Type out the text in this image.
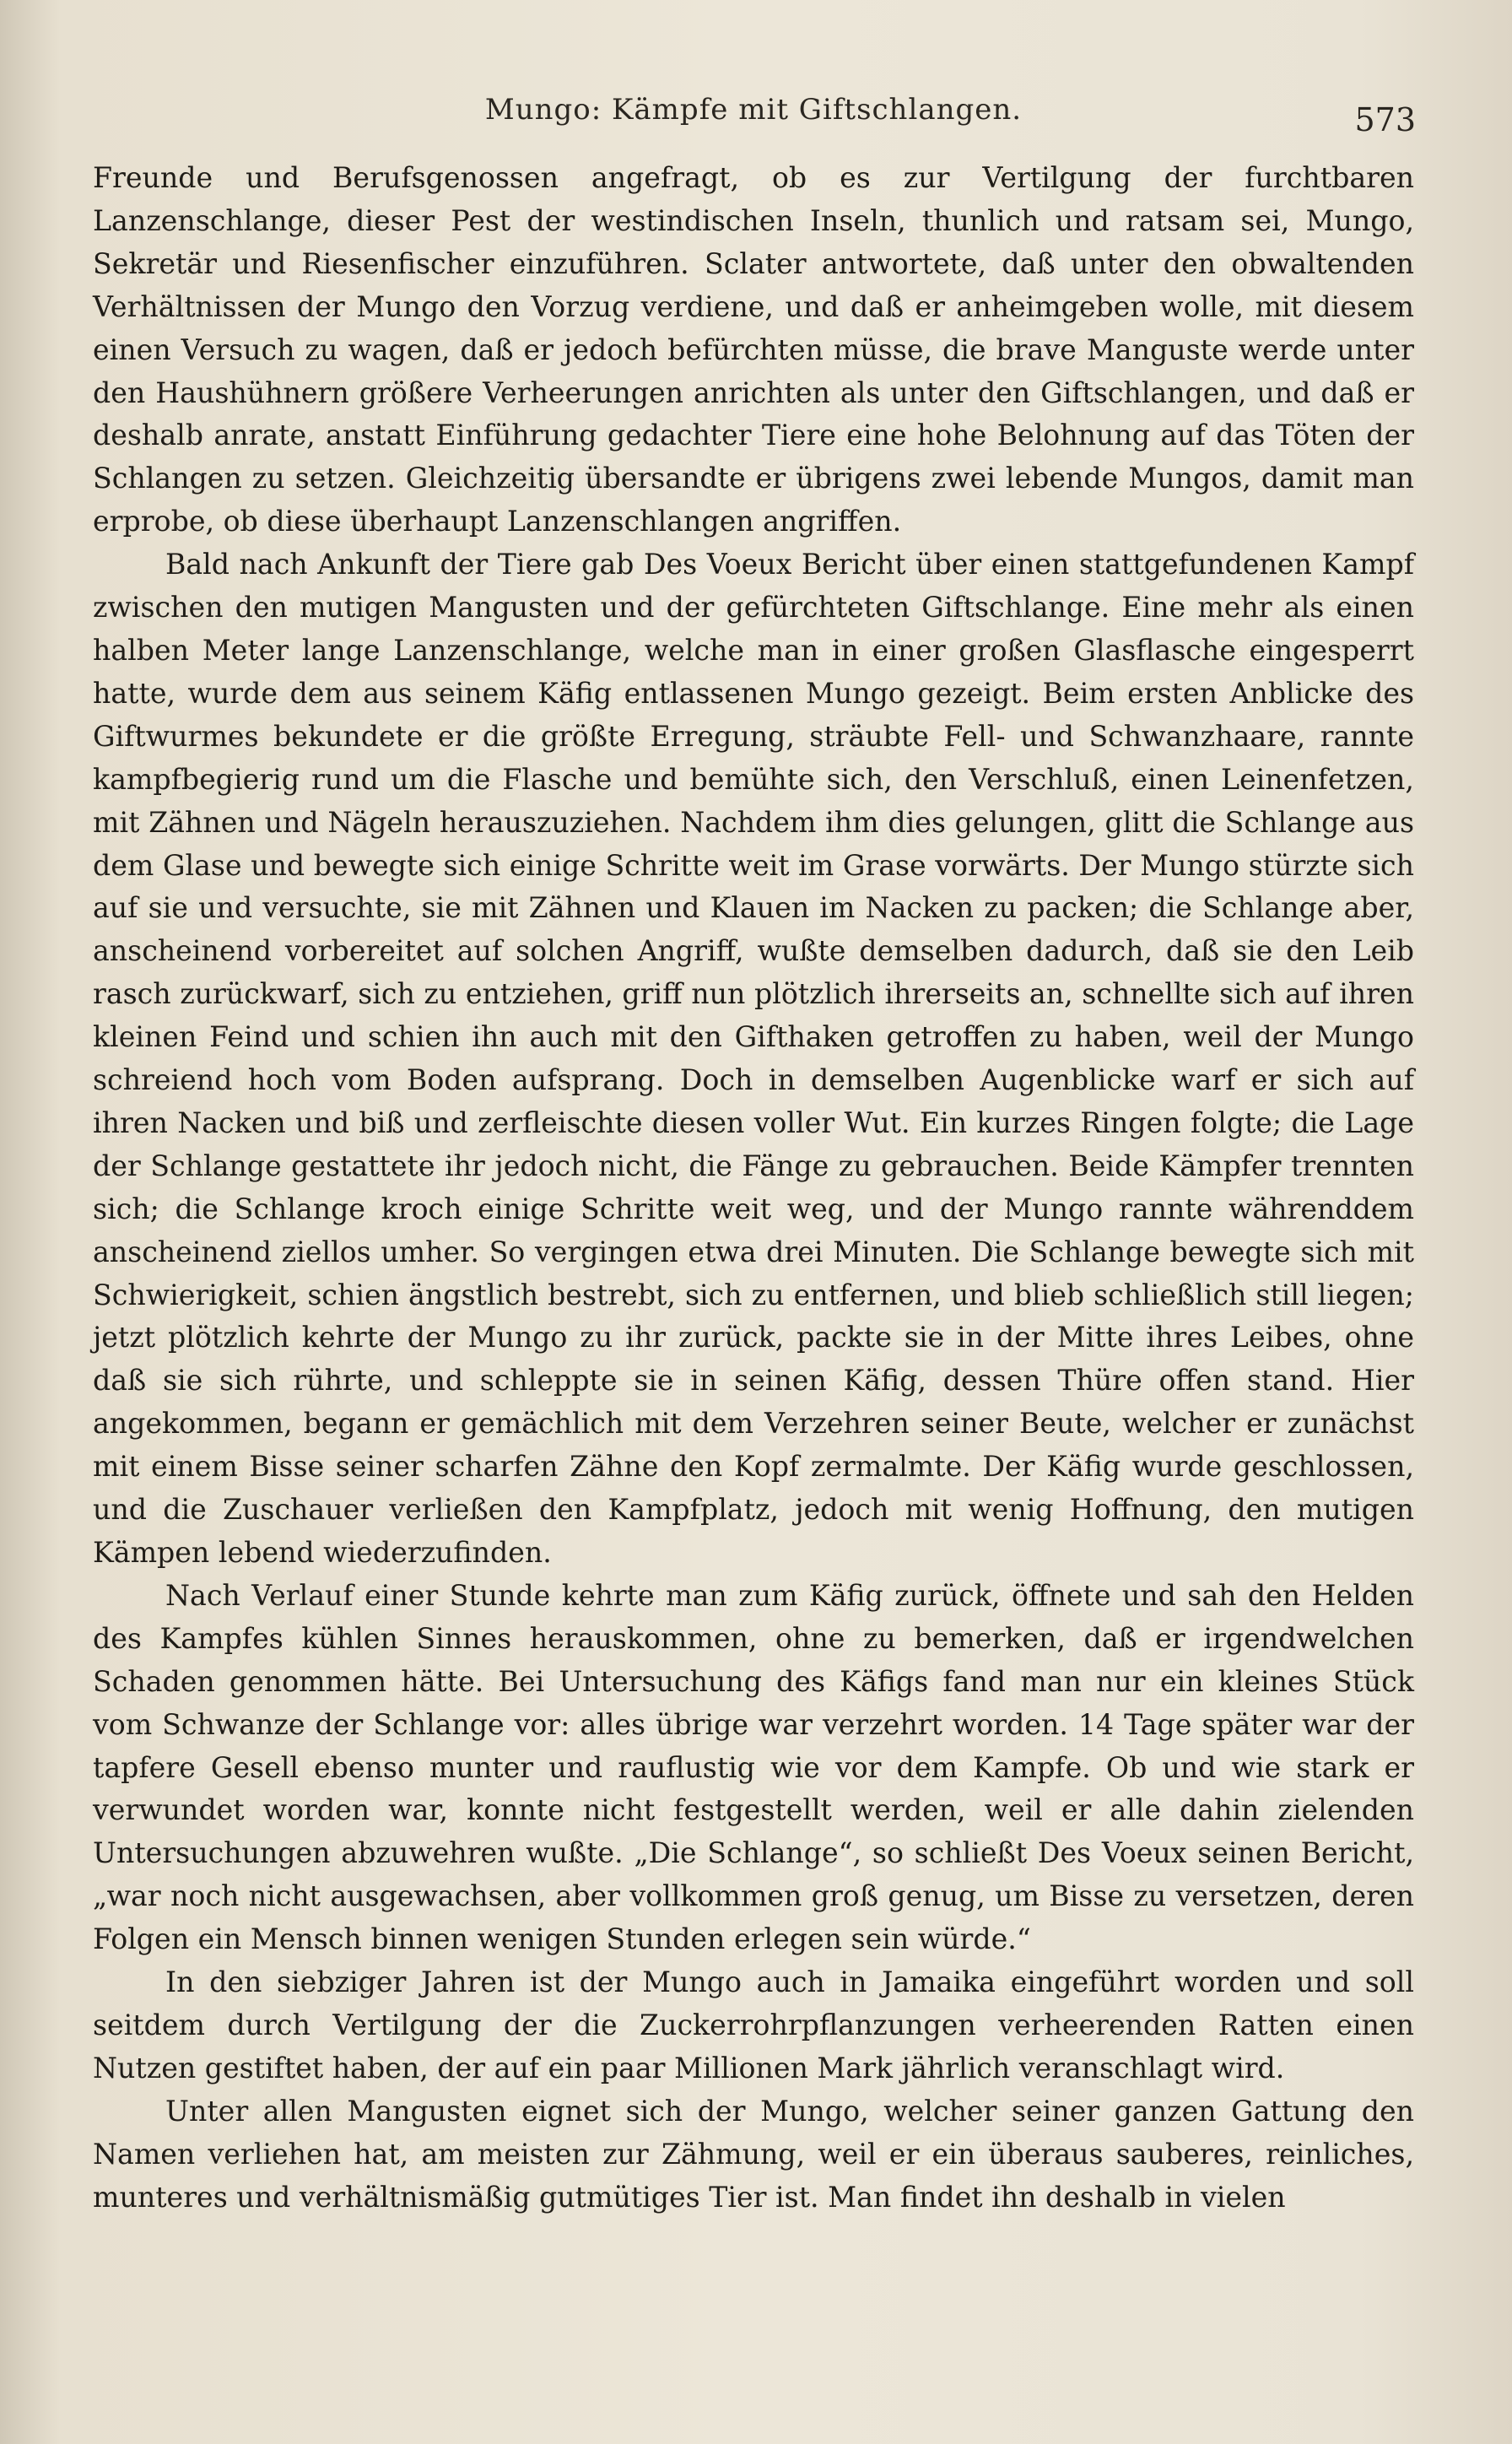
Mungo: Kämpfe mit Giftschlangen.	573

Freunde und Berufsgenossen angefragt, ob es zur Vertilgung der furchtbaren Lanzenschlange, dieser Pest der westindischen Inseln, thunlich und ratsam sei, Mungo, Sekretär und Riesenfischer einzuführen. Sclater antwortete, daß unter den obwaltenden Verhältnissen der Mungo den Vorzug verdiene, und daß er anheimgeben wolle, mit diesem einen Versuch zu wagen, daß er jedoch befürchten müsse, die brave Manguste werde unter den Haushühnern größere Verheerungen anrichten als unter den Giftschlangen, und daß er deshalb anrate, anstatt Einführung gedachter Tiere eine hohe Belohnung auf das Töten der Schlangen zu setzen. Gleichzeitig übersandte er übrigens zwei lebende Mungos, damit man erprobe, ob diese überhaupt Lanzenschlangen angriffen.

Bald nach Ankunft der Tiere gab Des Voeux Bericht über einen stattgefundenen Kampf zwischen den mutigen Mangusten und der gefürchteten Giftschlange. Eine mehr als einen halben Meter lange Lanzenschlange, welche man in einer großen Glasflasche eingesperrt hatte, wurde dem aus seinem Käfig entlassenen Mungo gezeigt. Beim ersten Anblicke des Giftwurmes bekundete er die größte Erregung, sträubte Fell- und Schwanzhaare, rannte kampfbegierig rund um die Flasche und bemühte sich, den Verschluß, einen Leinenfetzen, mit Zähnen und Nägeln herauszuziehen. Nachdem ihm dies gelungen, glitt die Schlange aus dem Glase und bewegte sich einige Schritte weit im Grase vorwärts. Der Mungo stürzte sich auf sie und versuchte, sie mit Zähnen und Klauen im Nacken zu packen; die Schlange aber, anscheinend vorbereitet auf solchen Angriff, wußte demselben dadurch, daß sie den Leib rasch zurückwarf, sich zu entziehen, griff nun plötzlich ihrerseits an, schnellte sich auf ihren kleinen Feind und schien ihn auch mit den Gifthaken getroffen zu haben, weil der Mungo schreiend hoch vom Boden aufsprang. Doch in demselben Augenblicke warf er sich auf ihren Nacken und biß und zerfleischte diesen voller Wut. Ein kurzes Ringen folgte; die Lage der Schlange gestattete ihr jedoch nicht, die Fänge zu gebrauchen. Beide Kämpfer trennten sich; die Schlange kroch einige Schritte weit weg, und der Mungo rannte währenddem anscheinend ziellos umher. So vergingen etwa drei Minuten. Die Schlange bewegte sich mit Schwierigkeit, schien ängstlich bestrebt, sich zu entfernen, und blieb schließlich still liegen; jetzt plötzlich kehrte der Mungo zu ihr zurück, packte sie in der Mitte ihres Leibes, ohne daß sie sich rührte, und schleppte sie in seinen Käfig, dessen Thüre offen stand. Hier angekommen, begann er gemächlich mit dem Verzehren seiner Beute, welcher er zunächst mit einem Bisse seiner scharfen Zähne den Kopf zermalmte. Der Käfig wurde geschlossen, und die Zuschauer verließen den Kampfplatz, jedoch mit wenig Hoffnung, den mutigen Kämpen lebend wiederzufinden.

Nach Verlauf einer Stunde kehrte man zum Käfig zurück, öffnete und sah den Helden des Kampfes kühlen Sinnes herauskommen, ohne zu bemerken, daß er irgendwelchen Schaden genommen hätte. Bei Untersuchung des Käfigs fand man nur ein kleines Stück vom Schwanze der Schlange vor: alles übrige war verzehrt worden. 14 Tage später war der tapfere Gesell ebenso munter und rauflustig wie vor dem Kampfe. Ob und wie stark er verwundet worden war, konnte nicht festgestellt werden, weil er alle dahin zielenden Untersuchungen abzuwehren wußte. „Die Schlange“, so schließt Des Voeux seinen Bericht, „war noch nicht ausgewachsen, aber vollkommen groß genug, um Bisse zu versetzen, deren Folgen ein Mensch binnen wenigen Stunden erlegen sein würde.“

In den siebziger Jahren ist der Mungo auch in Jamaika eingeführt worden und soll seitdem durch Vertilgung der die Zuckerrohrpflanzungen verheerenden Ratten einen Nutzen gestiftet haben, der auf ein paar Millionen Mark jährlich veranschlagt wird.

Unter allen Mangusten eignet sich der Mungo, welcher seiner ganzen Gattung den Namen verliehen hat, am meisten zur Zähmung, weil er ein überaus sauberes, reinliches, munteres und verhältnismäßig gutmütiges Tier ist. Man findet ihn deshalb in vielen
